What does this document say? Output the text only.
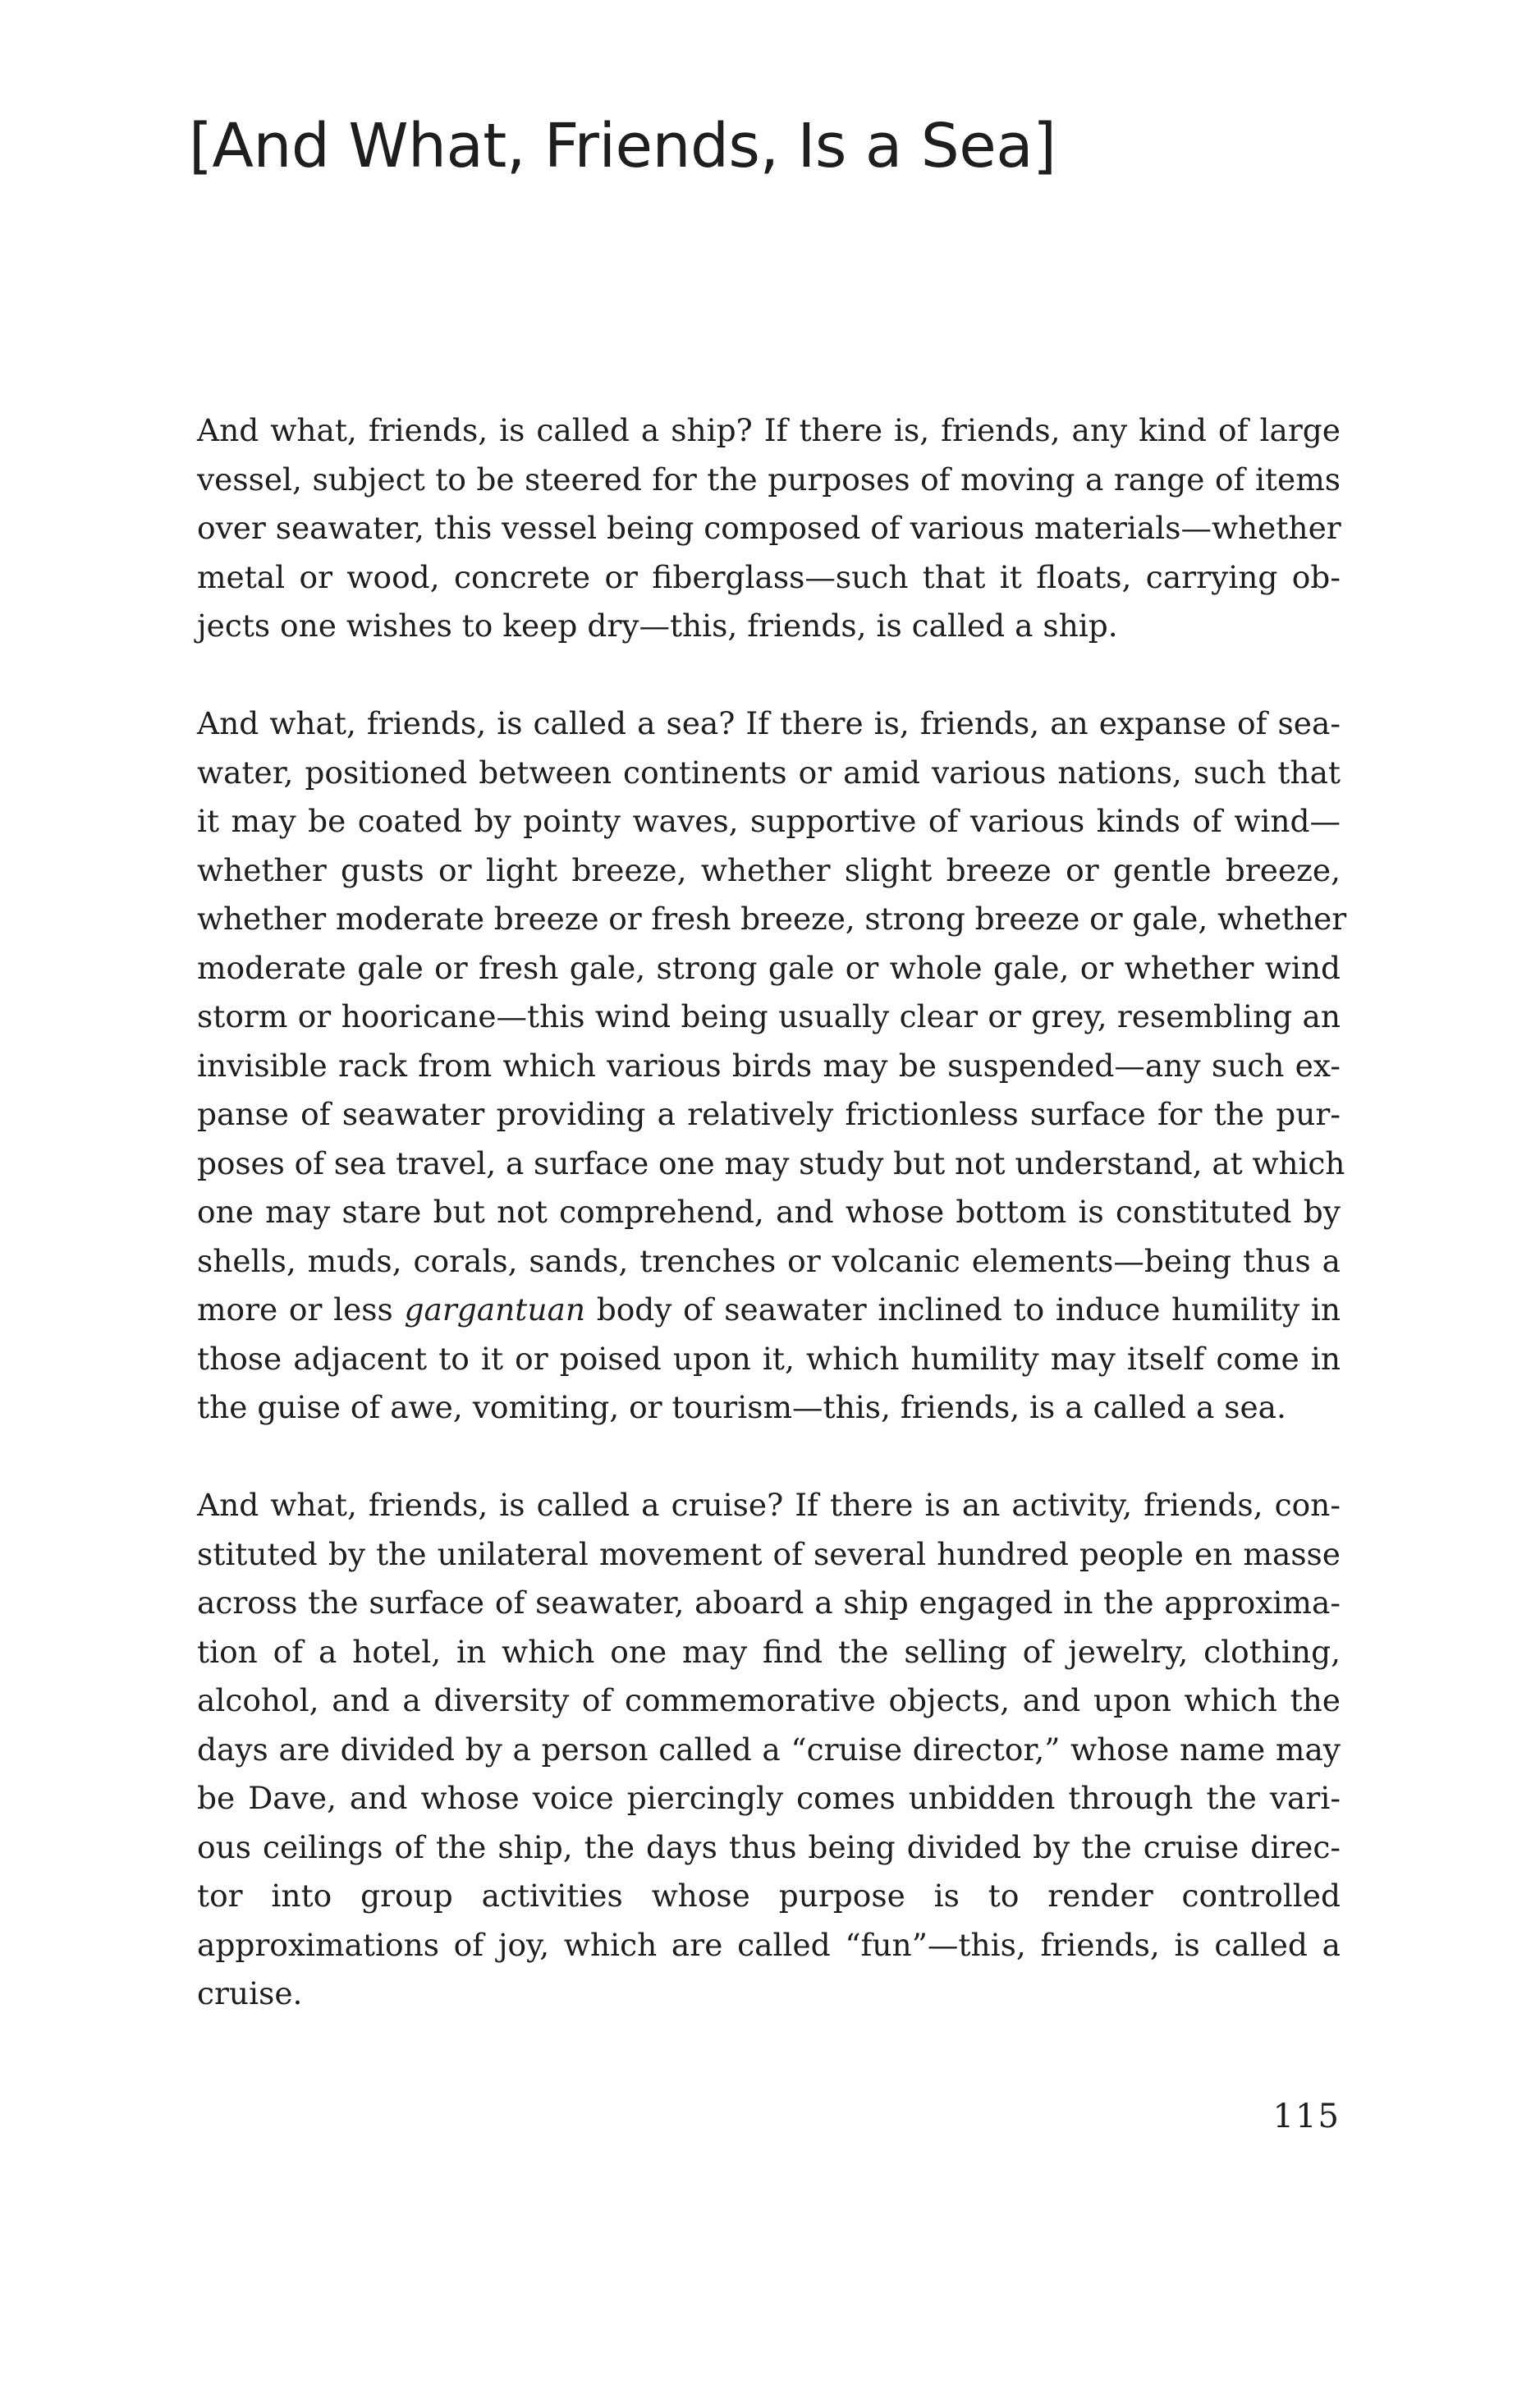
[And What, Friends, Is a Sea]
And what, friends, is called a ship? If there is, friends, any kind of large
vessel, subject to be steered for the purposes of moving a range of items
over seawater, this vessel being composed of various materials—whether
metal or wood, concrete or fiberglass—such that it floats, carrying ob-
jects one wishes to keep dry—this, friends, is called a ship.
And what, friends, is called a sea? If there is, friends, an expanse of sea-
water, positioned between continents or amid various nations, such that
it may be coated by pointy waves, supportive of various kinds of wind—
whether gusts or light breeze, whether slight breeze or gentle breeze,
whether moderate breeze or fresh breeze, strong breeze or gale, whether
moderate gale or fresh gale, strong gale or whole gale, or whether wind
storm or hooricane—this wind being usually clear or grey, resembling an
invisible rack from which various birds may be suspended—any such ex-
panse of seawater providing a relatively frictionless surface for the pur-
poses of sea travel, a surface one may study but not understand, at which
one may stare but not comprehend, and whose bottom is constituted by
shells, muds, corals, sands, trenches or volcanic elements—being thus a
more or less gargantuan body of seawater inclined to induce humility in
those adjacent to it or poised upon it, which humility may itself come in
the guise of awe, vomiting, or tourism—this, friends, is a called a sea.
And what, friends, is called a cruise? If there is an activity, friends, con-
stituted by the unilateral movement of several hundred people en masse
across the surface of seawater, aboard a ship engaged in the approxima-
tion of a hotel, in which one may find the selling of jewelry, clothing,
alcohol, and a diversity of commemorative objects, and upon which the
days are divided by a person called a “cruise director,” whose name may
be Dave, and whose voice piercingly comes unbidden through the vari-
ous ceilings of the ship, the days thus being divided by the cruise direc-
tor into group activities whose purpose is to render controlled
approximations of joy, which are called “fun”—this, friends, is called a
cruise.
115
